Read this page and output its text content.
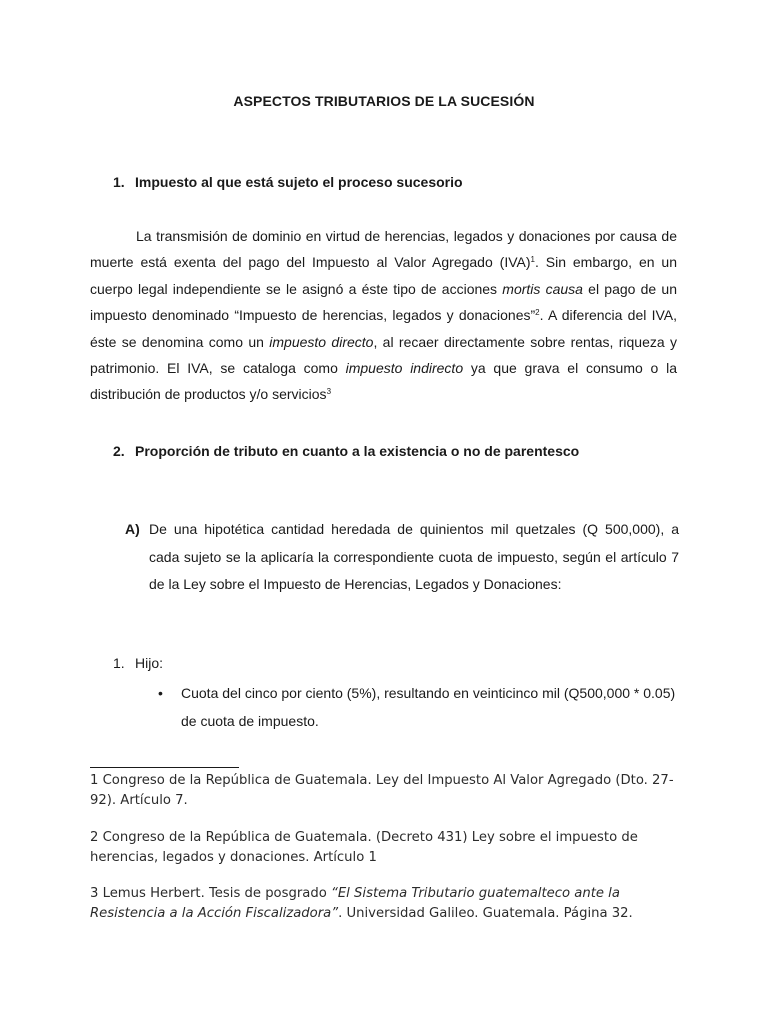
ASPECTOS TRIBUTARIOS DE LA SUCESIÓN
1. Impuesto al que está sujeto el proceso sucesorio
La transmisión de dominio en virtud de herencias, legados y donaciones por causa de muerte está exenta del pago del Impuesto al Valor Agregado (IVA)$^1$. Sin embargo, en un cuerpo legal independiente se le asignó a éste tipo de acciones mortis causa el pago de un impuesto denominado “Impuesto de herencias, legados y donaciones”$^2$. A diferencia del IVA, éste se denomina como un impuesto directo, al recaer directamente sobre rentas, riqueza y patrimonio. El IVA, se cataloga como impuesto indirecto ya que grava el consumo o la distribución de productos y/o servicios$^3$
2. Proporción de tributo en cuanto a la existencia o no de parentesco
A) De una hipotética cantidad heredada de quinientos mil quetzales (Q 500,000), a cada sujeto se la aplicaría la correspondiente cuota de impuesto, según el artículo 7 de la Ley sobre el Impuesto de Herencias, Legados y Donaciones:
1. Hijo:
• Cuota del cinco por ciento (5%), resultando en veinticinco mil (Q500,000 * 0.05) de cuota de impuesto.
1 Congreso de la República de Guatemala. Ley del Impuesto Al Valor Agregado (Dto. 27-92). Artículo 7.
2 Congreso de la República de Guatemala. (Decreto 431) Ley sobre el impuesto de herencias, legados y donaciones. Artículo 1
3 Lemus Herbert. Tesis de posgrado “El Sistema Tributario guatemalteco ante la Resistencia a la Acción Fiscalizadora”. Universidad Galileo. Guatemala. Página 32.
